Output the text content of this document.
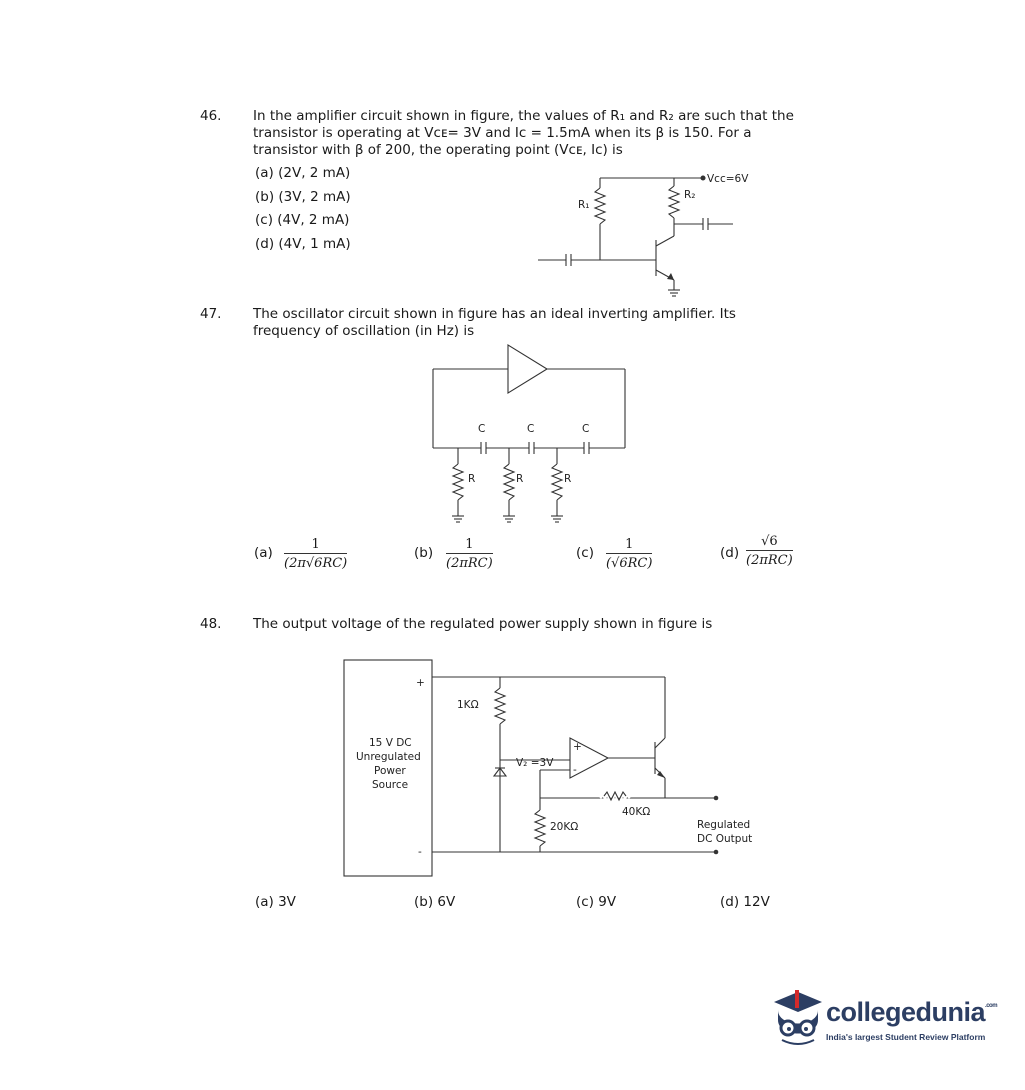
46. In the amplifier circuit shown in figure, the values of R₁ and R₂ are such that the
transistor is operating at Vᴄᴇ= 3V and Iᴄ = 1.5mA when its β is 150. For a
transistor with β of 200, the operating point (Vᴄᴇ, Iᴄ) is
(a) (2V, 2 mA)
(b) (3V, 2 mA)
(c) (4V, 2 mA)
(d) (4V, 1 mA)
Vcc=6V
R₁
R₂
47. The oscillator circuit shown in figure has an ideal inverting amplifier. Its
frequency of oscillation (in Hz) is
C	C	C
R	R	R
$(a) \frac{1}{(2\pi√6RC)}$	(b)
1
(2πRC)
$(c) \frac{1}{(√6RC)}$	(d)
√6
(2πRC)
48. The output voltage of the regulated power supply shown in figure is
+
-
15 V DC
Unregulated
Power
Source
1KΩ
V₂ =3V
+
-
40KΩ
20KΩ	Regulated
DC Output
(a) 3V	(b) 6V	(c) 9V	(d) 12V
collegedunia$^{.com}$
India's largest Student Review Platform
